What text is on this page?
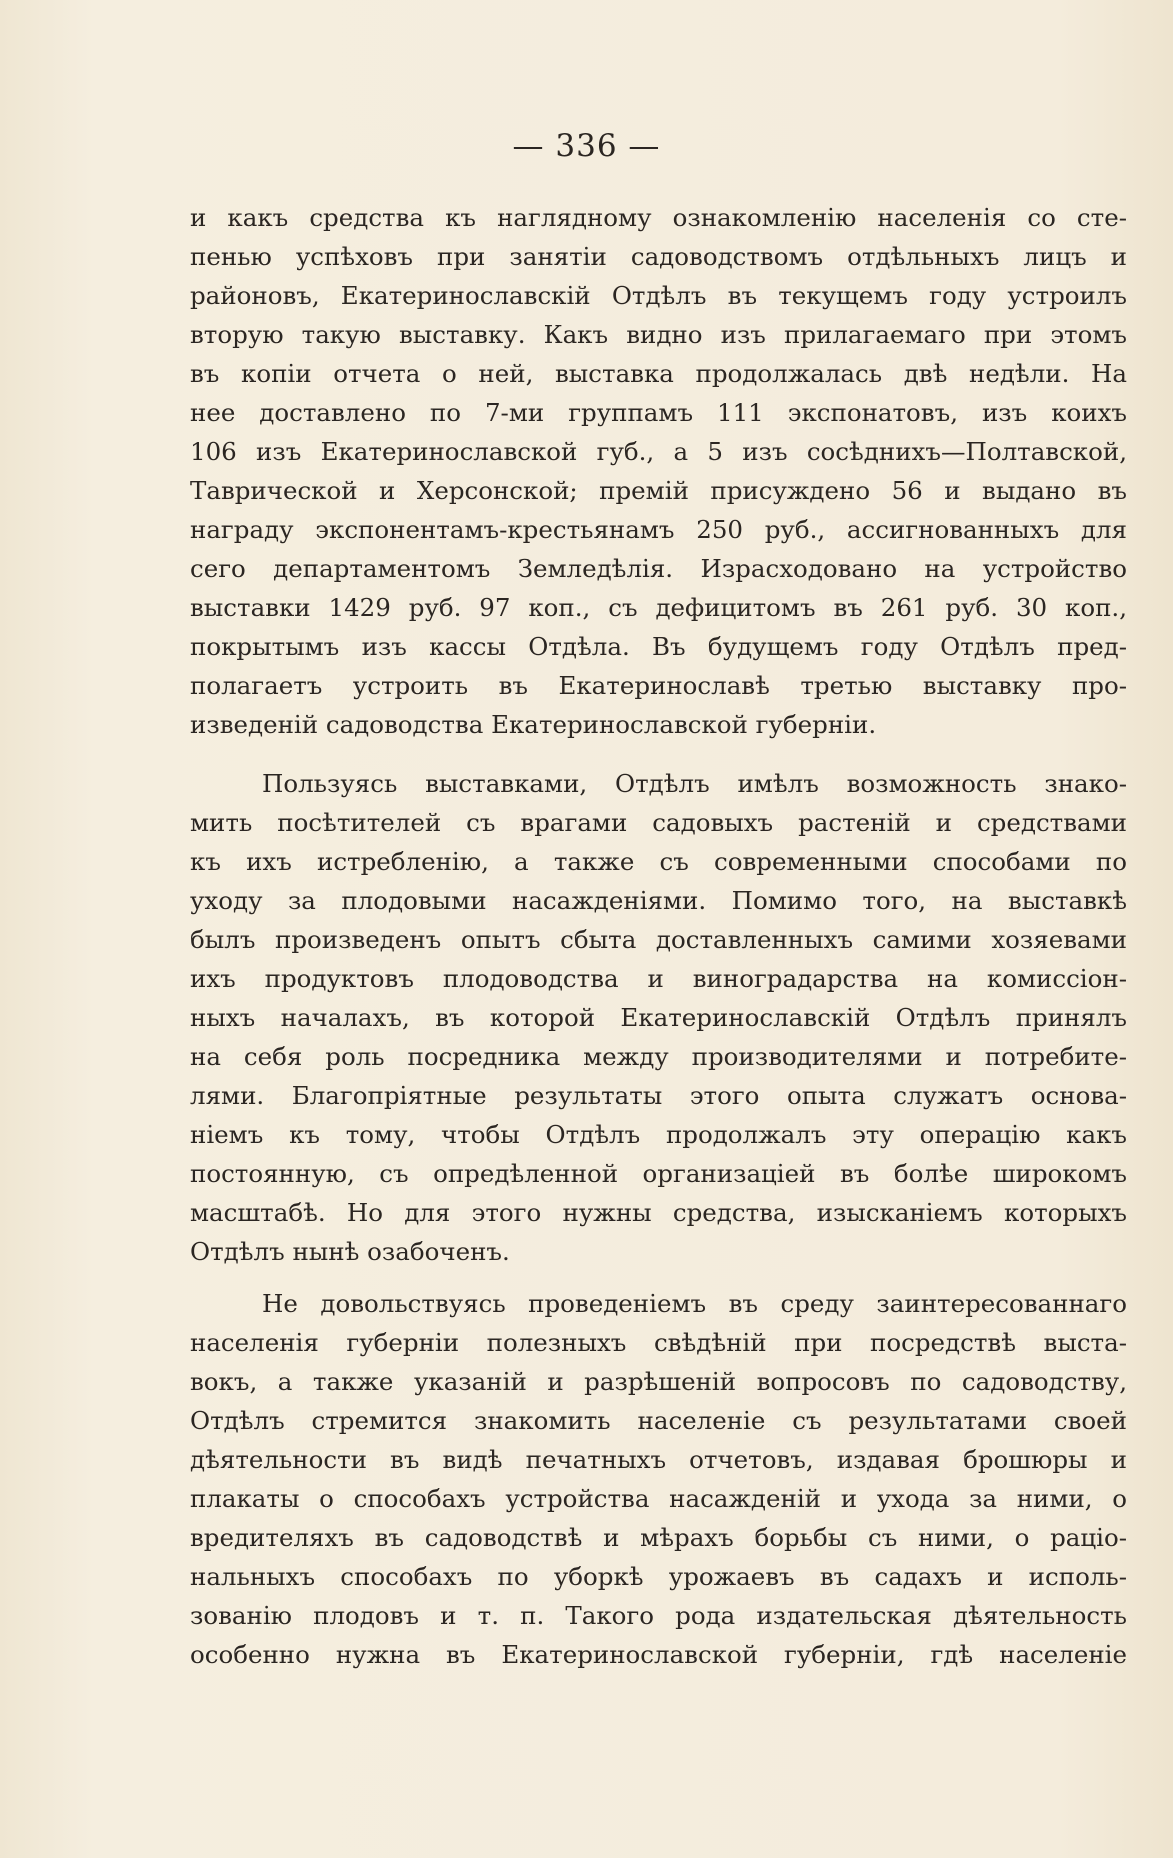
— 336 —
и какъ средства къ наглядному ознакомленію населенія со сте-
пенью успѣховъ при занятіи садоводствомъ отдѣльныхъ лицъ и
районовъ, Екатеринославскій Отдѣлъ въ текущемъ году устроилъ
вторую такую выставку. Какъ видно изъ прилагаемаго при этомъ
въ копіи отчета о ней, выставка продолжалась двѣ недѣли. На
нее доставлено по 7-ми группамъ 111 экспонатовъ, изъ коихъ
106 изъ Екатеринославской губ., а 5 изъ сосѣднихъ—Полтавской,
Таврической и Херсонской; премій присуждено 56 и выдано въ
награду экспонентамъ-крестьянамъ 250 руб., ассигнованныхъ для
сего департаментомъ Земледѣлія. Израсходовано на устройство
выставки 1429 руб. 97 коп., съ дефицитомъ въ 261 руб. 30 коп.,
покрытымъ изъ кассы Отдѣла. Въ будущемъ году Отдѣлъ пред-
полагаетъ устроить въ Екатеринославѣ третью выставку про-
изведеній садоводства Екатеринославской губерніи.
Пользуясь выставками, Отдѣлъ имѣлъ возможность знако-
мить посѣтителей съ врагами садовыхъ растеній и средствами
къ ихъ истребленію, а также съ современными способами по
уходу за плодовыми насажденіями. Помимо того, на выставкѣ
былъ произведенъ опытъ сбыта доставленныхъ самими хозяевами
ихъ продуктовъ плодоводства и виноградарства на комиссіон-
ныхъ началахъ, въ которой Екатеринославскій Отдѣлъ принялъ
на себя роль посредника между производителями и потребите-
лями. Благопріятные результаты этого опыта служатъ основа-
ніемъ къ тому, чтобы Отдѣлъ продолжалъ эту операцію какъ
постоянную, съ опредѣленной организаціей въ болѣе широкомъ
масштабѣ. Но для этого нужны средства, изысканіемъ которыхъ
Отдѣлъ нынѣ озабоченъ.
Не довольствуясь проведеніемъ въ среду заинтересованнаго
населенія губерніи полезныхъ свѣдѣній при посредствѣ выста-
вокъ, а также указаній и разрѣшеній вопросовъ по садоводству,
Отдѣлъ стремится знакомить населеніе съ результатами своей
дѣятельности въ видѣ печатныхъ отчетовъ, издавая брошюры и
плакаты о способахъ устройства насажденій и ухода за ними, о
вредителяхъ въ садоводствѣ и мѣрахъ борьбы съ ними, о раціо-
нальныхъ способахъ по уборкѣ урожаевъ въ садахъ и исполь-
зованію плодовъ и т. п. Такого рода издательская дѣятельность
особенно нужна въ Екатеринославской губерніи, гдѣ населеніе
